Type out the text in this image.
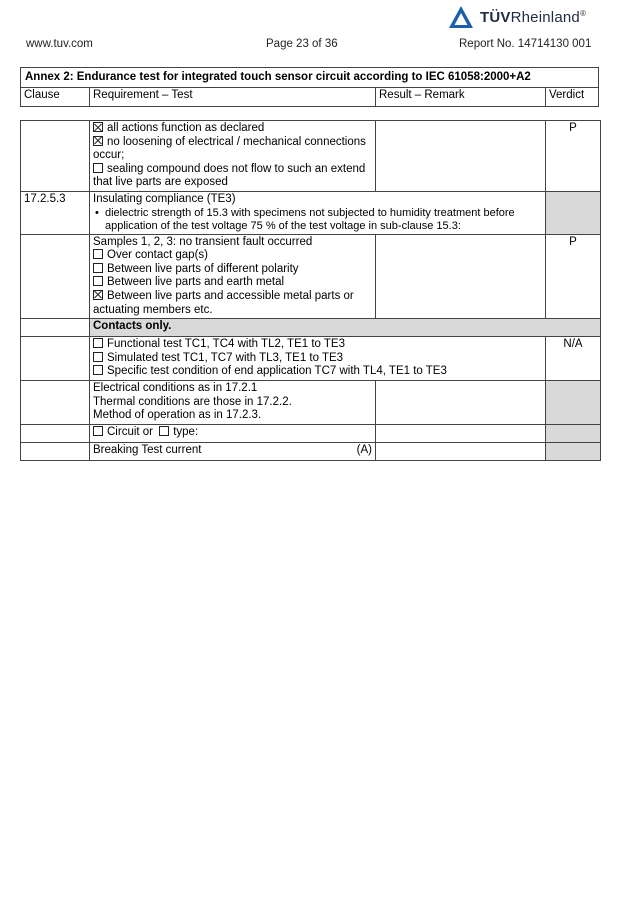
TÜVRheinland®
www.tuv.com	Page 23 of 36	Report No. 14714130 001
Annex 2: Endurance test for integrated touch sensor circuit according to IEC 61058:2000+A2
Clause	Requirement – Test	Result – Remark	Verdict

	all actions function as declared
no loosening of electrical / mechanical connections occur;
sealing compound does not flow to such an extend that live parts are exposed		P
17.2.5.3	Insulating compliance (TE3)
• dielectric strength of 15.3 with specimens not subjected to humidity treatment before application of the test voltage 75 % of the test voltage in sub-clause 15.3:

	Samples 1, 2, 3: no transient fault occurred
Over contact gap(s)
Between live parts of different polarity
Between live parts and earth metal
Between live parts and accessible metal parts or actuating members etc.		P
	Contacts only.		

	Functional test TC1, TC4 with TL2, TE1 to TE3
Simulated test TC1, TC7 with TL3, TE1 to TE3
Specific test condition of end application TC7 with TL4, TE1 to TE3		N/A

	Electrical conditions as in 17.2.1
Thermal conditions are those in 17.2.2.
Method of operation as in 17.2.3.		

	Circuit or type:		
	Breaking Test current (A)		
